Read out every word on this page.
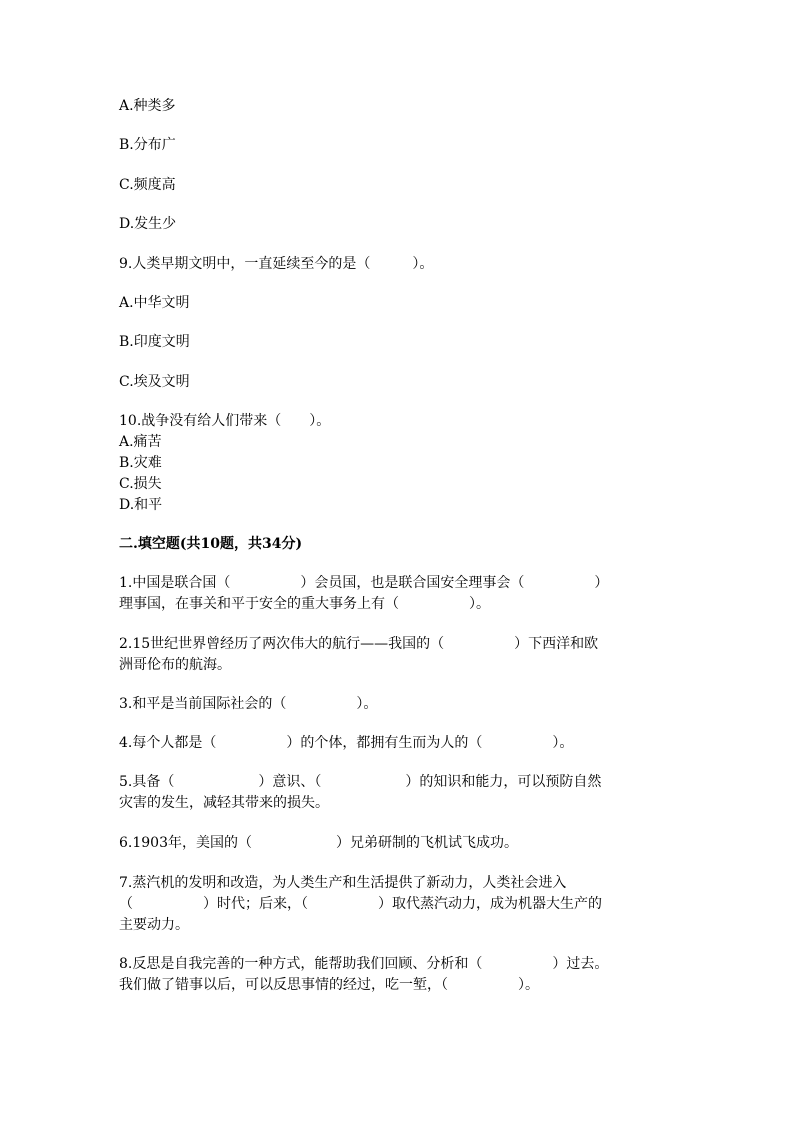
A.种类多
B.分布广
C.频度高
D.发生少
9.人类早期文明中，一直延续至今的是（　　　）。
A.中华文明
B.印度文明
C.埃及文明
10.战争没有给人们带来（　　）。
A.痛苦
B.灾难
C.损失
D.和平
二.填空题(共10题，共34分)
1.中国是联合国（　　　　　）会员国，也是联合国安全理事会（　　　　　）
理事国，在事关和平于安全的重大事务上有（　　　　　）。
2.15世纪世界曾经历了两次伟大的航行——我国的（　　　　　）下西洋和欧
洲哥伦布的航海。
3.和平是当前国际社会的（　　　　　）。
4.每个人都是（　　　　　）的个体，都拥有生而为人的（　　　　　）。
5.具备（　　　　　　）意识、（　　　　　　）的知识和能力，可以预防自然
灾害的发生，减轻其带来的损失。
6.1903年，美国的（　　　　　　）兄弟研制的飞机试飞成功。
7.蒸汽机的发明和改造，为人类生产和生活提供了新动力，人类社会进入
（　　　　　）时代；后来，（　　　　　）取代蒸汽动力，成为机器大生产的
主要动力。
8.反思是自我完善的一种方式，能帮助我们回顾、分析和（　　　　　）过去。
我们做了错事以后，可以反思事情的经过，吃一堑，（　　　　　）。
